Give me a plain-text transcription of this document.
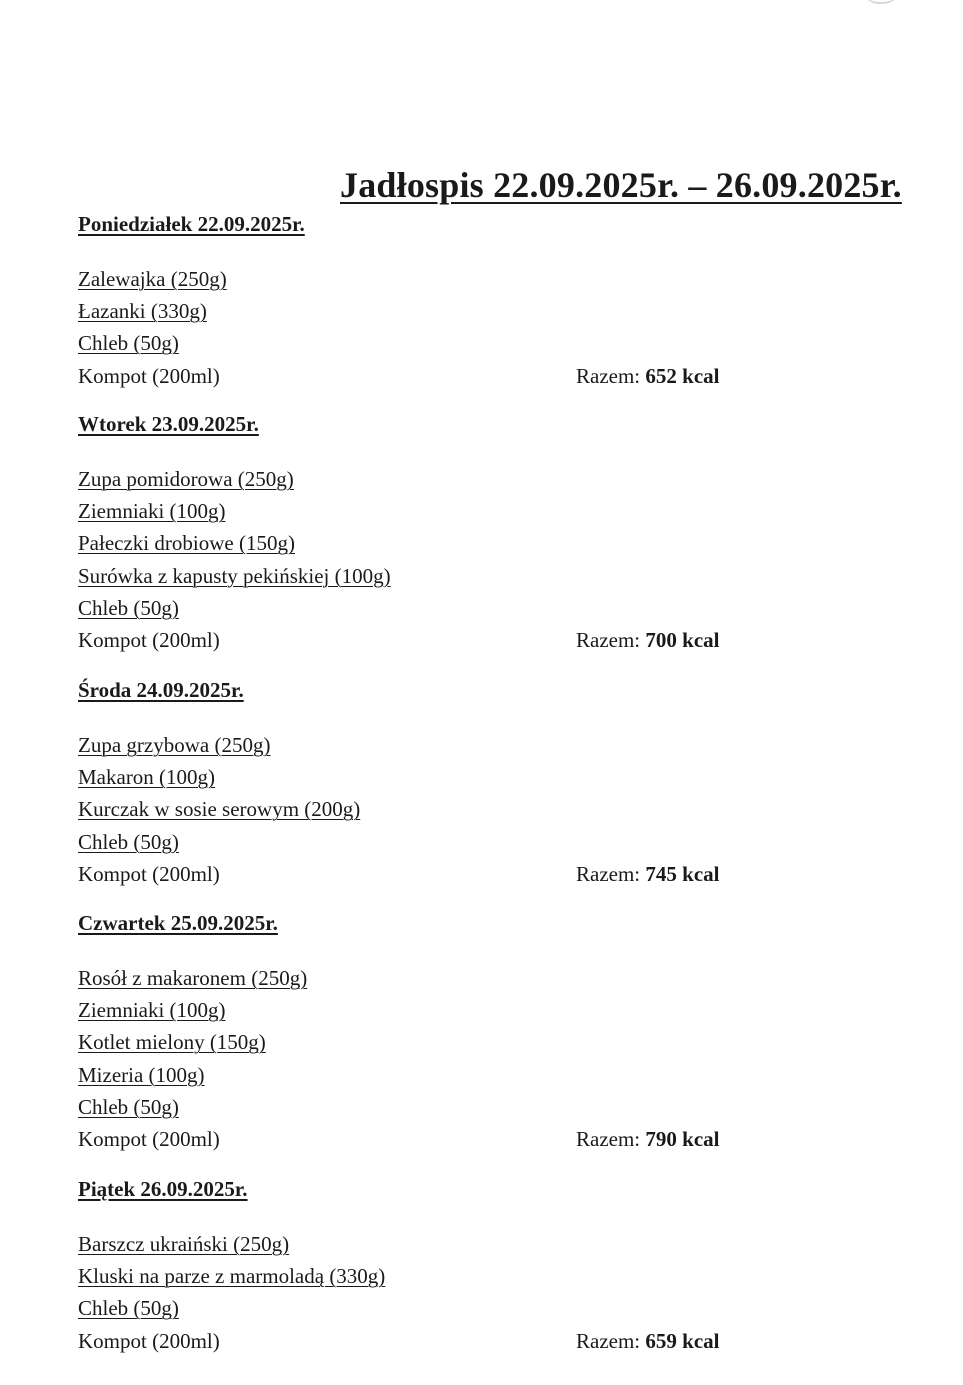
Jadłospis 22.09.2025r. – 26.09.2025r.
Poniedziałek 22.09.2025r.
Zalewajka (250g)
Łazanki (330g)
Chleb (50g)
Kompot (200ml)	Razem: 652 kcal
Wtorek 23.09.2025r.
Zupa pomidorowa (250g)
Ziemniaki (100g)
Pałeczki drobiowe (150g)
Surówka z kapusty pekińskiej (100g)
Chleb (50g)
Kompot (200ml)	Razem: 700 kcal
Środa 24.09.2025r.
Zupa grzybowa (250g)
Makaron (100g)
Kurczak w sosie serowym (200g)
Chleb (50g)
Kompot (200ml)	Razem: 745 kcal
Czwartek 25.09.2025r.
Rosół z makaronem (250g)
Ziemniaki (100g)
Kotlet mielony (150g)
Mizeria (100g)
Chleb (50g)
Kompot (200ml)	Razem: 790 kcal
Piątek 26.09.2025r.
Barszcz ukraiński (250g)
Kluski na parze z marmoladą (330g)
Chleb (50g)
Kompot (200ml)	Razem: 659 kcal
